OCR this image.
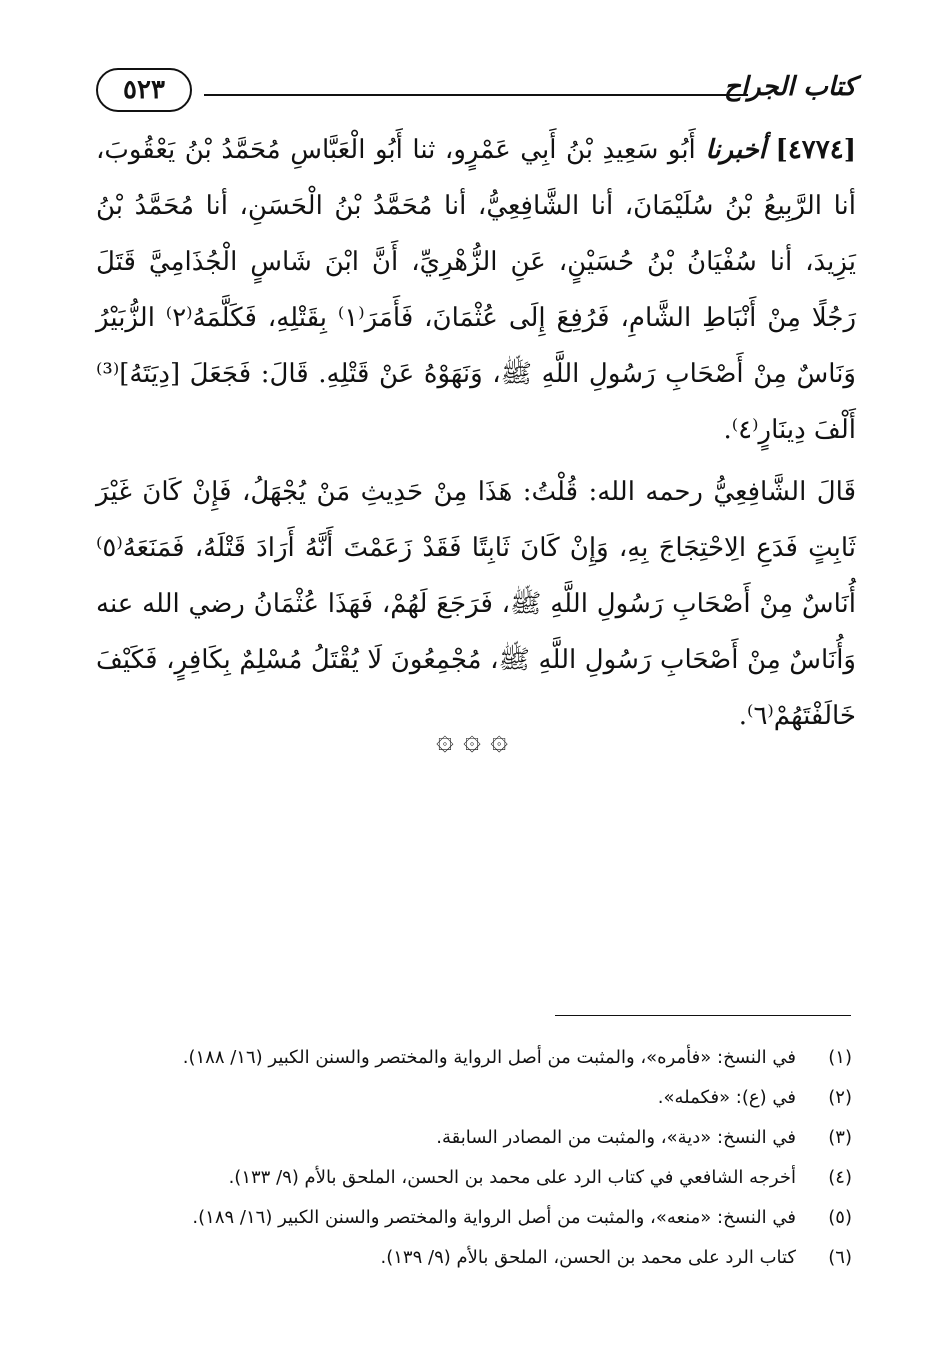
كتاب الجراح
٥٢٣

[٤٧٧٤] أخبرنا أَبُو سَعِيدِ بْنُ أَبِي عَمْرٍو، ثنا أَبُو الْعَبَّاسِ مُحَمَّدُ بْنُ يَعْقُوبَ، أنا الرَّبِيعُ بْنُ سُلَيْمَانَ، أنا الشَّافِعِيُّ، أنا مُحَمَّدُ بْنُ الْحَسَنِ، أنا مُحَمَّدُ بْنُ يَزِيدَ، أنا سُفْيَانُ بْنُ حُسَيْنٍ، عَنِ الزُّهْرِيِّ، أَنَّ ابْنَ شَاسٍ الْجُذَامِيَّ قَتَلَ رَجُلًا مِنْ أَنْبَاطِ الشَّامِ، فَرُفِعَ إِلَى عُثْمَانَ، فَأَمَرَ⁽١⁾ بِقَتْلِهِ، فَكَلَّمَهُ⁽٢⁾ الزُّبَيْرُ وَنَاسٌ مِنْ أَصْحَابِ رَسُولِ اللَّهِ ﷺ، وَنَهَوْهُ عَنْ قَتْلِهِ. قَالَ: فَجَعَلَ [دِيَتَهُ]⁽³⁾ أَلْفَ دِينَارٍ⁽٤⁾.

قَالَ الشَّافِعِيُّ رحمه الله: قُلْتُ: هَذَا مِنْ حَدِيثِ مَنْ يُجْهَلُ، فَإِنْ كَانَ غَيْرَ ثَابِتٍ فَدَعِ الِاحْتِجَاجَ بِهِ، وَإِنْ كَانَ ثَابِتًا فَقَدْ زَعَمْتَ أَنَّهُ أَرَادَ قَتْلَهُ، فَمَنَعَهُ⁽٥⁾ أُنَاسٌ مِنْ أَصْحَابِ رَسُولِ اللَّهِ ﷺ، فَرَجَعَ لَهُمْ، فَهَذَا عُثْمَانُ رضي الله عنه وَأُنَاسٌ مِنْ أَصْحَابِ رَسُولِ اللَّهِ ﷺ، مُجْمِعُونَ لَا يُقْتَلُ مُسْلِمٌ بِكَافِرٍ، فَكَيْفَ خَالَفْتَهُمْ⁽٦⁾.

۞ ۞ ۞
(١)
في النسخ: «فأمره»، والمثبت من أصل الرواية والمختصر والسنن الكبير (١٦/ ١٨٨).
(٢)
في (ع): «فكمله».
(٣)
في النسخ: «دية»، والمثبت من المصادر السابقة.
(٤)
أخرجه الشافعي في كتاب الرد على محمد بن الحسن، الملحق بالأم (٩/ ١٣٣).
(٥)
في النسخ: «منعه»، والمثبت من أصل الرواية والمختصر والسنن الكبير (١٦/ ١٨٩).
(٦)
كتاب الرد على محمد بن الحسن، الملحق بالأم (٩/ ١٣٩).
